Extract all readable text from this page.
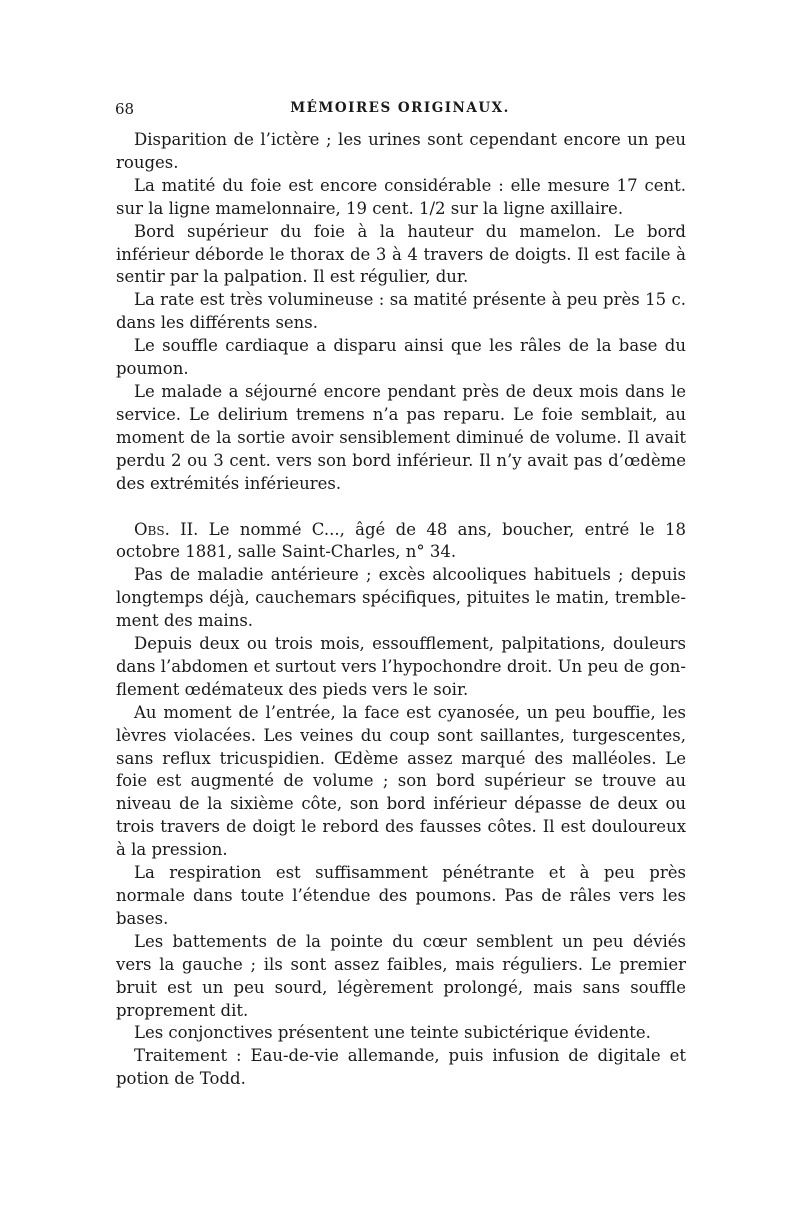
68	MÉMOIRES ORIGINAUX.

Disparition de l’ictère ; les urines sont cependant encore un peu rouges.

La matité du foie est encore considérable : elle mesure 17 cent. sur la ligne mamelonnaire, 19 cent. 1/2 sur la ligne axillaire.

Bord supérieur du foie à la hauteur du mamelon. Le bord inférieur déborde le thorax de 3 à 4 travers de doigts. Il est facile à sentir par la palpation. Il est régulier, dur.

La rate est très volumineuse : sa matité présente à peu près 15 c. dans les différents sens.

Le souffle cardiaque a disparu ainsi que les râles de la base du poumon.

Le malade a séjourné encore pendant près de deux mois dans le service. Le delirium tremens n’a pas reparu. Le foie semblait, au moment de la sortie avoir sensiblement diminué de volume. Il avait perdu 2 ou 3 cent. vers son bord inférieur. Il n’y avait pas d’œdème des extrémités inférieures.

Obs. II. Le nommé C..., âgé de 48 ans, boucher, entré le 18 octobre 1881, salle Saint-Charles, n° 34.

Pas de maladie antérieure ; excès alcooliques habituels ; depuis longtemps déjà, cauchemars spécifiques, pituites le matin, tremblement des mains.

Depuis deux ou trois mois, essoufflement, palpitations, douleurs dans l’abdomen et surtout vers l’hypochondre droit. Un peu de gonflement œdémateux des pieds vers le soir.

Au moment de l’entrée, la face est cyanosée, un peu bouffie, les lèvres violacées. Les veines du coup sont saillantes, turgescentes, sans reflux tricuspidien. Œdème assez marqué des malléoles. Le foie est augmenté de volume ; son bord supérieur se trouve au niveau de la sixième côte, son bord inférieur dépasse de deux ou trois travers de doigt le rebord des fausses côtes. Il est douloureux à la pression.

La respiration est suffisamment pénétrante et à peu près normale dans toute l’étendue des poumons. Pas de râles vers les bases.

Les battements de la pointe du cœur semblent un peu déviés vers la gauche ; ils sont assez faibles, mais réguliers. Le premier bruit est un peu sourd, légèrement prolongé, mais sans souffle proprement dit.

Les conjonctives présentent une teinte subictérique évidente.

Traitement : Eau-de-vie allemande, puis infusion de digitale et potion de Todd.
